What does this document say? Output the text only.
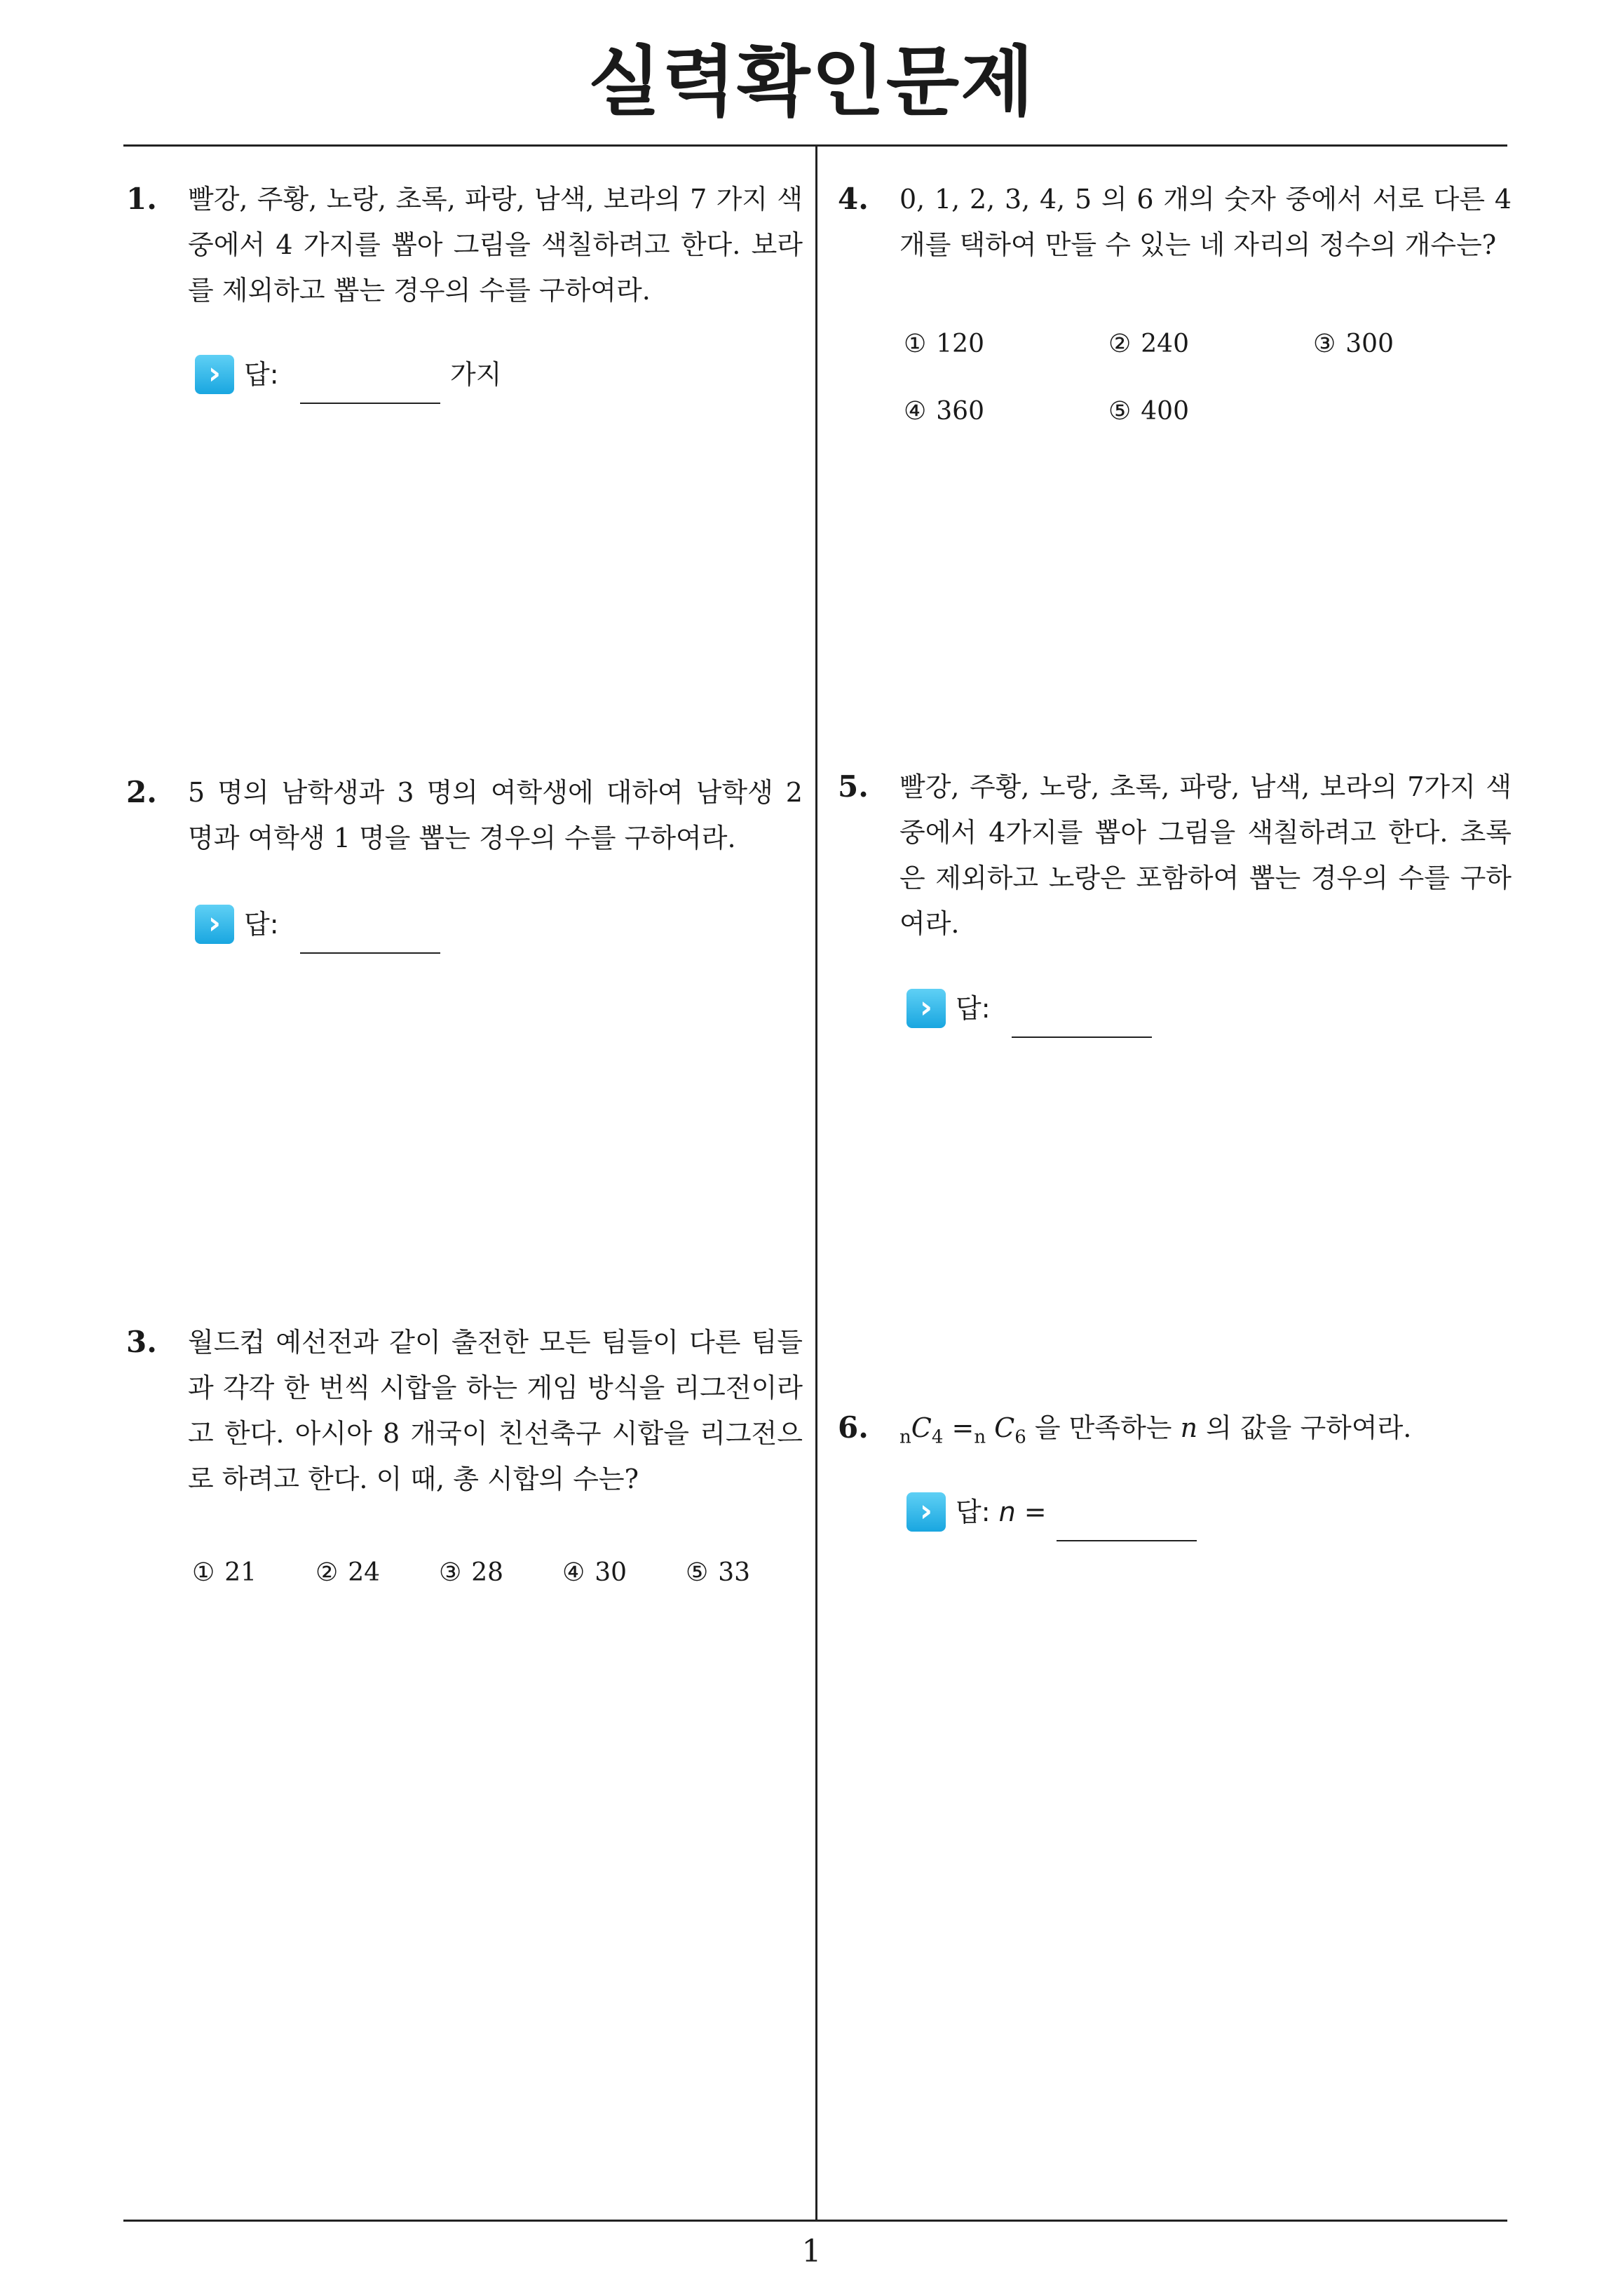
실력확인문제
1
1. 빨강, 주황, 노랑, 초록, 파랑, 남색, 보라의 7 가지 색 중에서 4 가지를 뽑아 그림을 색칠하려고 한다. 보라를 제외하고 뽑는 경우의 수를 구하여라.

› 답:	가지
2. 5 명의 남학생과 3 명의 여학생에 대하여 남학생 2 명과 여학생 1 명을 뽑는 경우의 수를 구하여라.

› 답:
3. 월드컵 예선전과 같이 출전한 모든 팀들이 다른 팀들과 각각 한 번씩 시합을 하는 게임 방식을 리그전이라고 한다. 아시아 8 개국이 친선축구 시합을 리그전으로 하려고 한다. 이 때, 총 시합의 수는?

① 21 ② 24 ③ 28 ④ 30 ⑤ 33
4. 0, 1, 2, 3, 4, 5 의 6 개의 숫자 중에서 서로 다른 4 개를 택하여 만들 수 있는 네 자리의 정수의 개수는?

① 120	② 240	③ 300
④ 360	⑤ 400
5. 빨강, 주황, 노랑, 초록, 파랑, 남색, 보라의 7가지 색 중에서 4가지를 뽑아 그림을 색칠하려고 한다. 초록은 제외하고 노랑은 포함하여 뽑는 경우의 수를 구하여라.

› 답:
6. $_nC_4 =_n$ $C_6$ 을 만족하는 n 의 값을 구하여라.

› 답: n =
